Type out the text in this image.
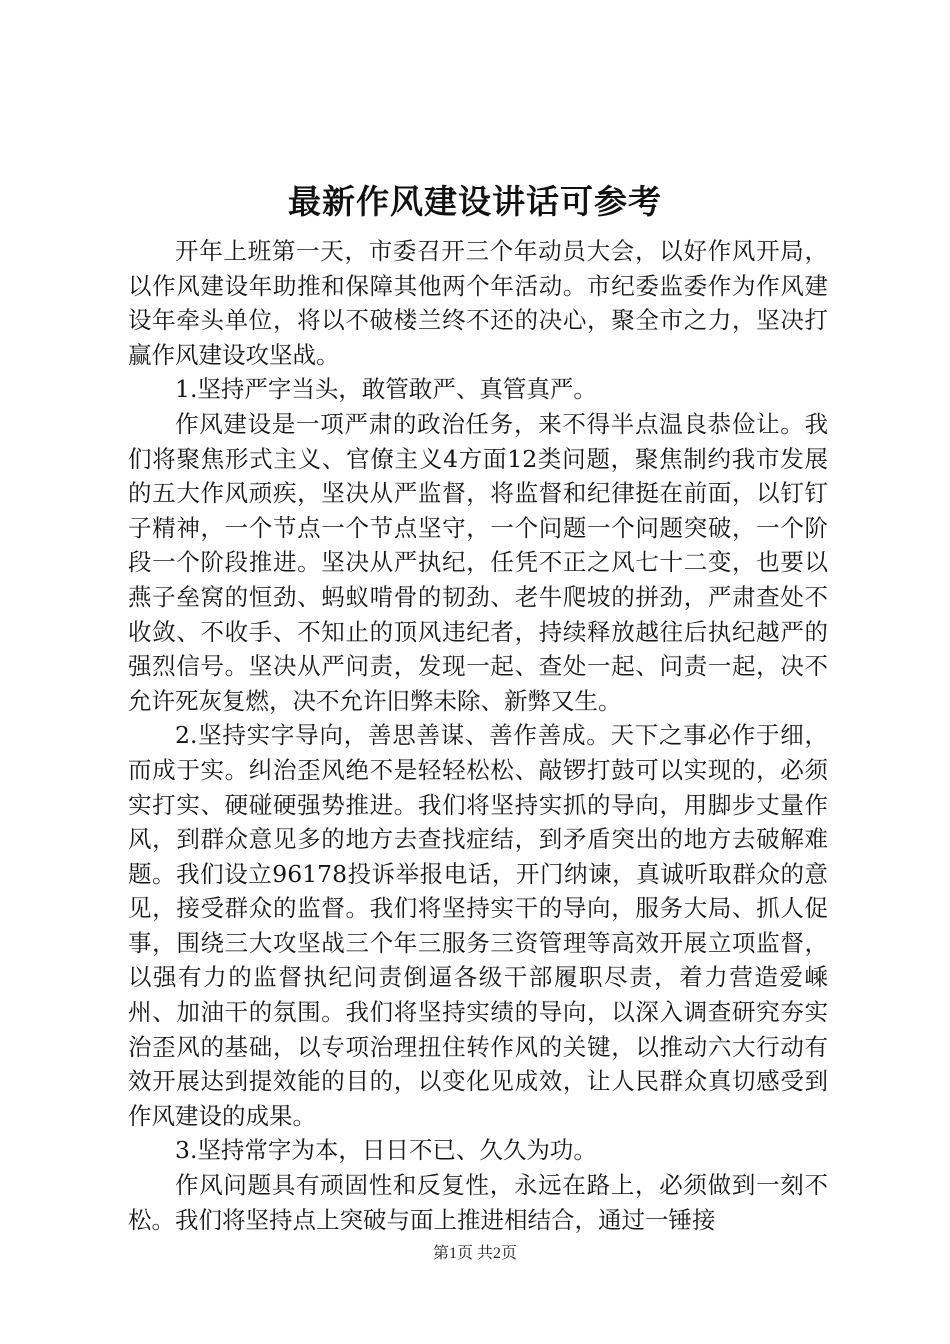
最新作风建设讲话可参考

开年上班第一天，市委召开三个年动员大会，以好作风开局，以作风建设年助推和保障其他两个年活动。市纪委监委作为作风建设年牵头单位，将以不破楼兰终不还的决心，聚全市之力，坚决打赢作风建设攻坚战。

1.坚持严字当头，敢管敢严、真管真严。

作风建设是一项严肃的政治任务，来不得半点温良恭俭让。我们将聚焦形式主义、官僚主义4方面12类问题，聚焦制约我市发展的五大作风顽疾，坚决从严监督，将监督和纪律挺在前面，以钉钉子精神，一个节点一个节点坚守，一个问题一个问题突破，一个阶段一个阶段推进。坚决从严执纪，任凭不正之风七十二变，也要以燕子垒窝的恒劲、蚂蚁啃骨的韧劲、老牛爬坡的拼劲，严肃查处不收敛、不收手、不知止的顶风违纪者，持续释放越往后执纪越严的强烈信号。坚决从严问责，发现一起、查处一起、问责一起，决不允许死灰复燃，决不允许旧弊未除、新弊又生。

2.坚持实字导向，善思善谋、善作善成。天下之事必作于细，而成于实。纠治歪风绝不是轻轻松松、敲锣打鼓可以实现的，必须实打实、硬碰硬强势推进。我们将坚持实抓的导向，用脚步丈量作风，到群众意见多的地方去查找症结，到矛盾突出的地方去破解难题。我们设立96178投诉举报电话，开门纳谏，真诚听取群众的意见，接受群众的监督。我们将坚持实干的导向，服务大局、抓人促事，围绕三大攻坚战三个年三服务三资管理等高效开展立项监督，以强有力的监督执纪问责倒逼各级干部履职尽责，着力营造爱嵊州、加油干的氛围。我们将坚持实绩的导向，以深入调查研究夯实治歪风的基础，以专项治理扭住转作风的关键，以推动六大行动有效开展达到提效能的目的，以变化见成效，让人民群众真切感受到作风建设的成果。

3.坚持常字为本，日日不已、久久为功。

作风问题具有顽固性和反复性，永远在路上，必须做到一刻不松。我们将坚持点上突破与面上推进相结合，通过一锤接

第1页 共2页
